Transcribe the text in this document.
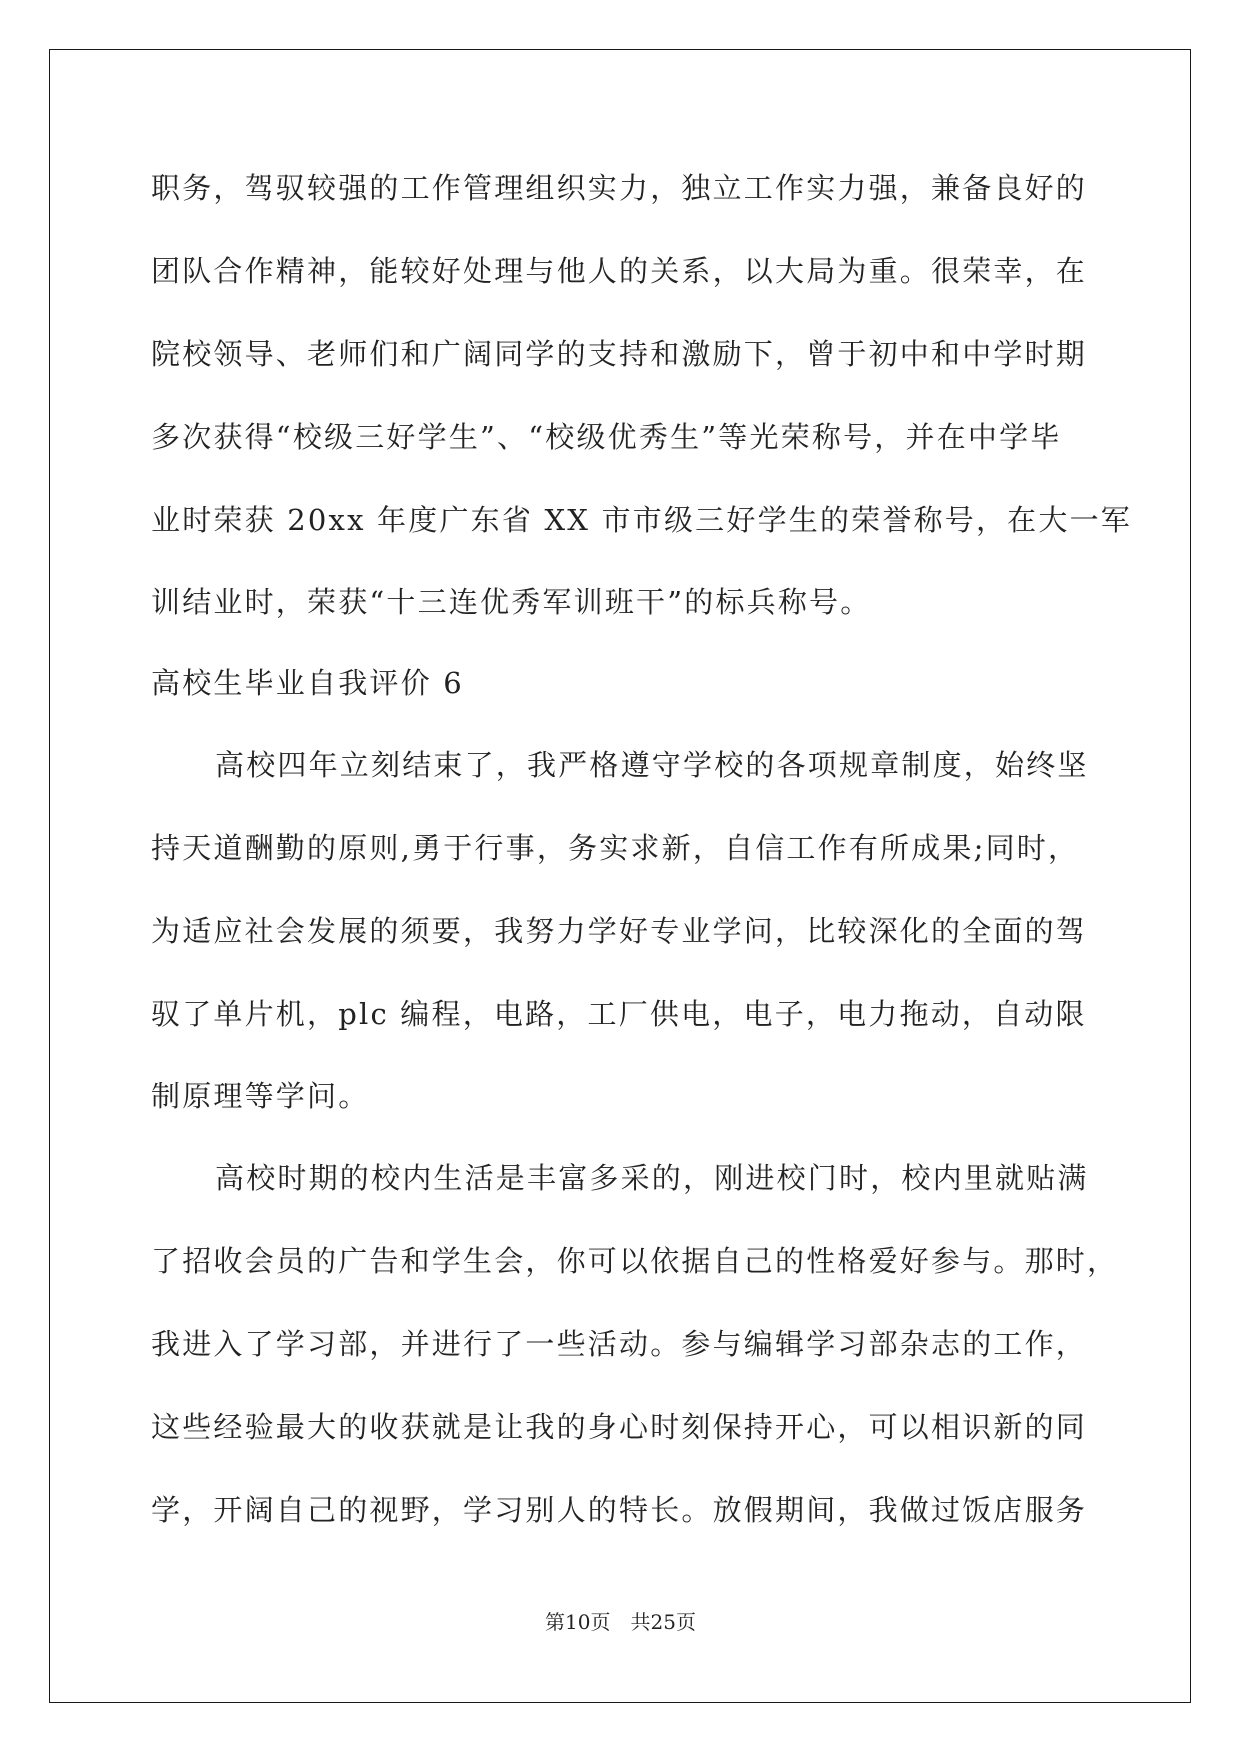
职务，驾驭较强的工作管理组织实力，独立工作实力强，兼备良好的

团队合作精神，能较好处理与他人的关系，以大局为重。很荣幸，在

院校领导、老师们和广阔同学的支持和激励下，曾于初中和中学时期

多次获得“校级三好学生”、“校级优秀生”等光荣称号，并在中学毕

业时荣获 20xx 年度广东省 XX 市市级三好学生的荣誉称号，在大一军

训结业时，荣获“十三连优秀军训班干”的标兵称号。

高校生毕业自我评价 6

高校四年立刻结束了，我严格遵守学校的各项规章制度，始终坚

持天道酬勤的原则,勇于行事，务实求新，自信工作有所成果;同时，

为适应社会发展的须要，我努力学好专业学问，比较深化的全面的驾

驭了单片机，plc 编程，电路，工厂供电，电子，电力拖动，自动限

制原理等学问。

高校时期的校内生活是丰富多采的，刚进校门时，校内里就贴满

了招收会员的广告和学生会，你可以依据自己的性格爱好参与。那时，

我进入了学习部，并进行了一些活动。参与编辑学习部杂志的工作，

这些经验最大的收获就是让我的身心时刻保持开心，可以相识新的同

学，开阔自己的视野，学习别人的特长。放假期间，我做过饭店服务

第10页 共25页
